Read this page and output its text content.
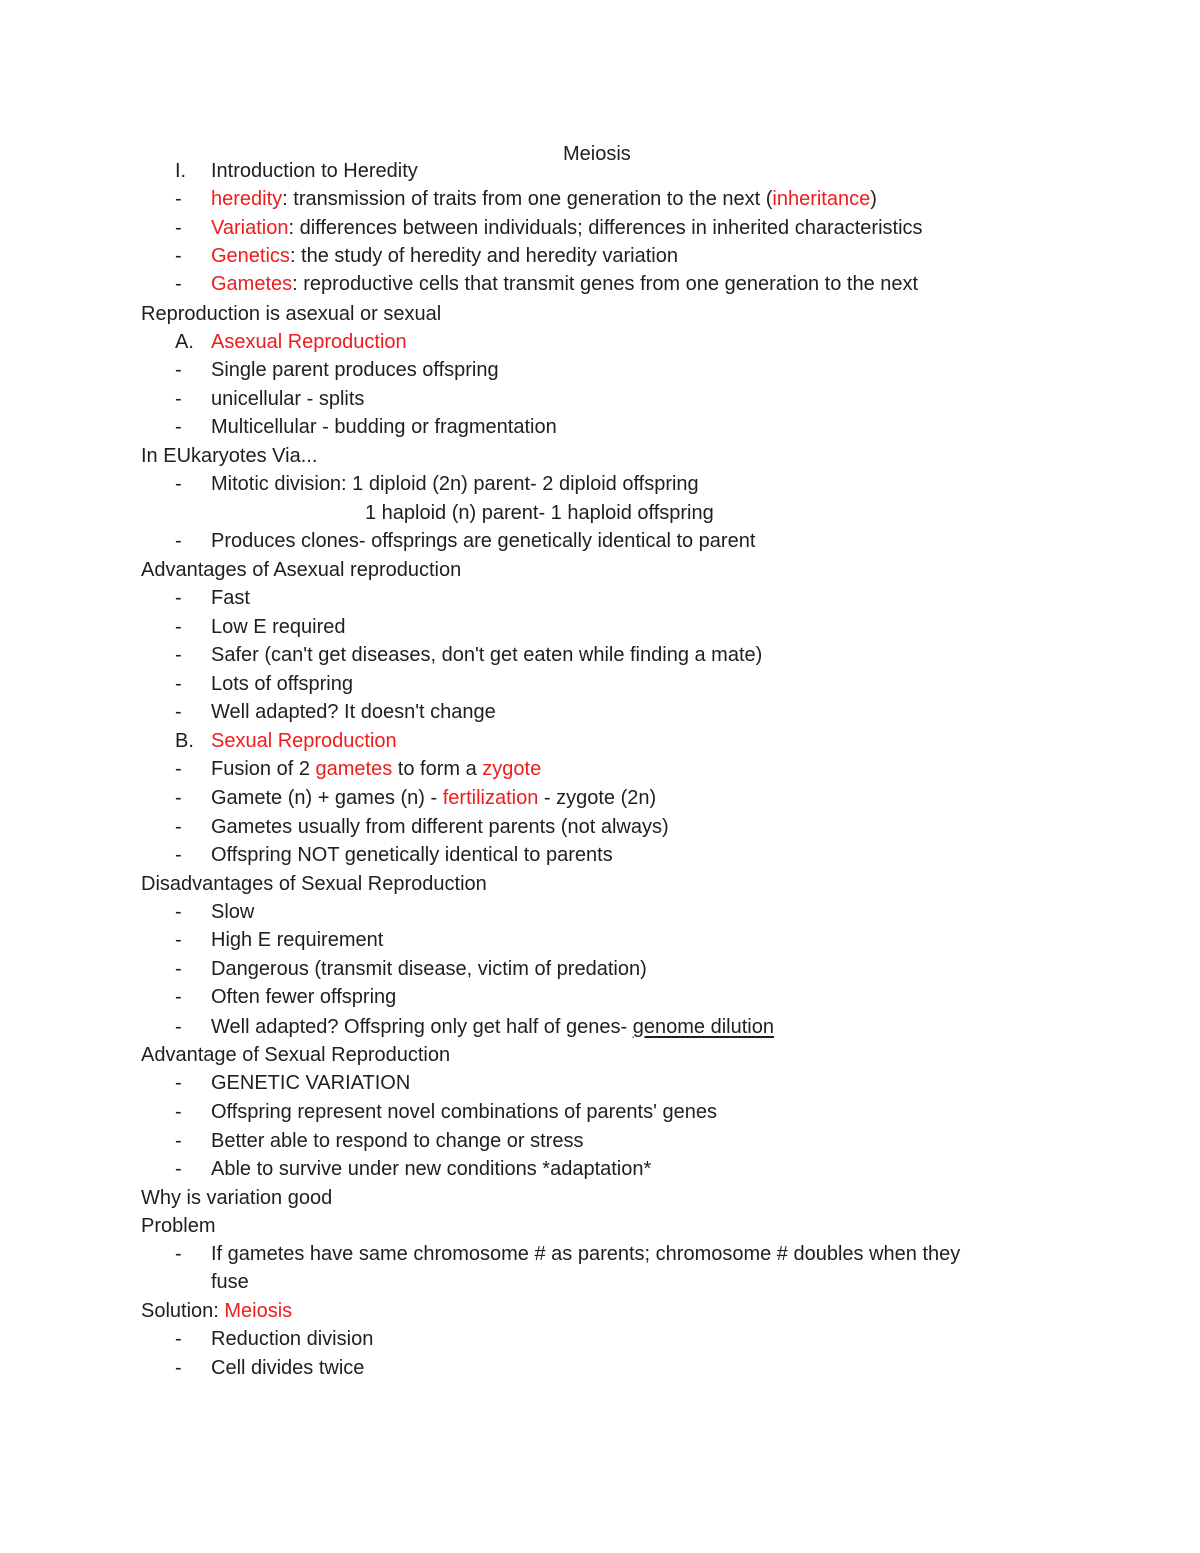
Meiosis
I. Introduction to Heredity
- heredity: transmission of traits from one generation to the next (inheritance)
- Variation: differences between individuals; differences in inherited characteristics
- Genetics: the study of heredity and heredity variation
- Gametes: reproductive cells that transmit genes from one generation to the next
Reproduction is asexual or sexual
A. Asexual Reproduction
- Single parent produces offspring
- unicellular - splits
- Multicellular - budding or fragmentation
In EUkaryotes Via...
- Mitotic division: 1 diploid (2n) parent- 2 diploid offspring
1 haploid (n) parent- 1 haploid offspring
- Produces clones- offsprings are genetically identical to parent
Advantages of Asexual reproduction
- Fast
- Low E required
- Safer (can't get diseases, don't get eaten while finding a mate)
- Lots of offspring
- Well adapted? It doesn't change
B. Sexual Reproduction
- Fusion of 2 gametes to form a zygote
- Gamete (n) + games (n) - fertilization - zygote (2n)
- Gametes usually from different parents (not always)
- Offspring NOT genetically identical to parents
Disadvantages of Sexual Reproduction
- Slow
- High E requirement
- Dangerous (transmit disease, victim of predation)
- Often fewer offspring
- Well adapted? Offspring only get half of genes- genome dilution
Advantage of Sexual Reproduction
- GENETIC VARIATION
- Offspring represent novel combinations of parents' genes
- Better able to respond to change or stress
- Able to survive under new conditions *adaptation*
Why is variation good
Problem
- If gametes have same chromosome # as parents; chromosome # doubles when they
fuse
Solution: Meiosis
- Reduction division
- Cell divides twice
